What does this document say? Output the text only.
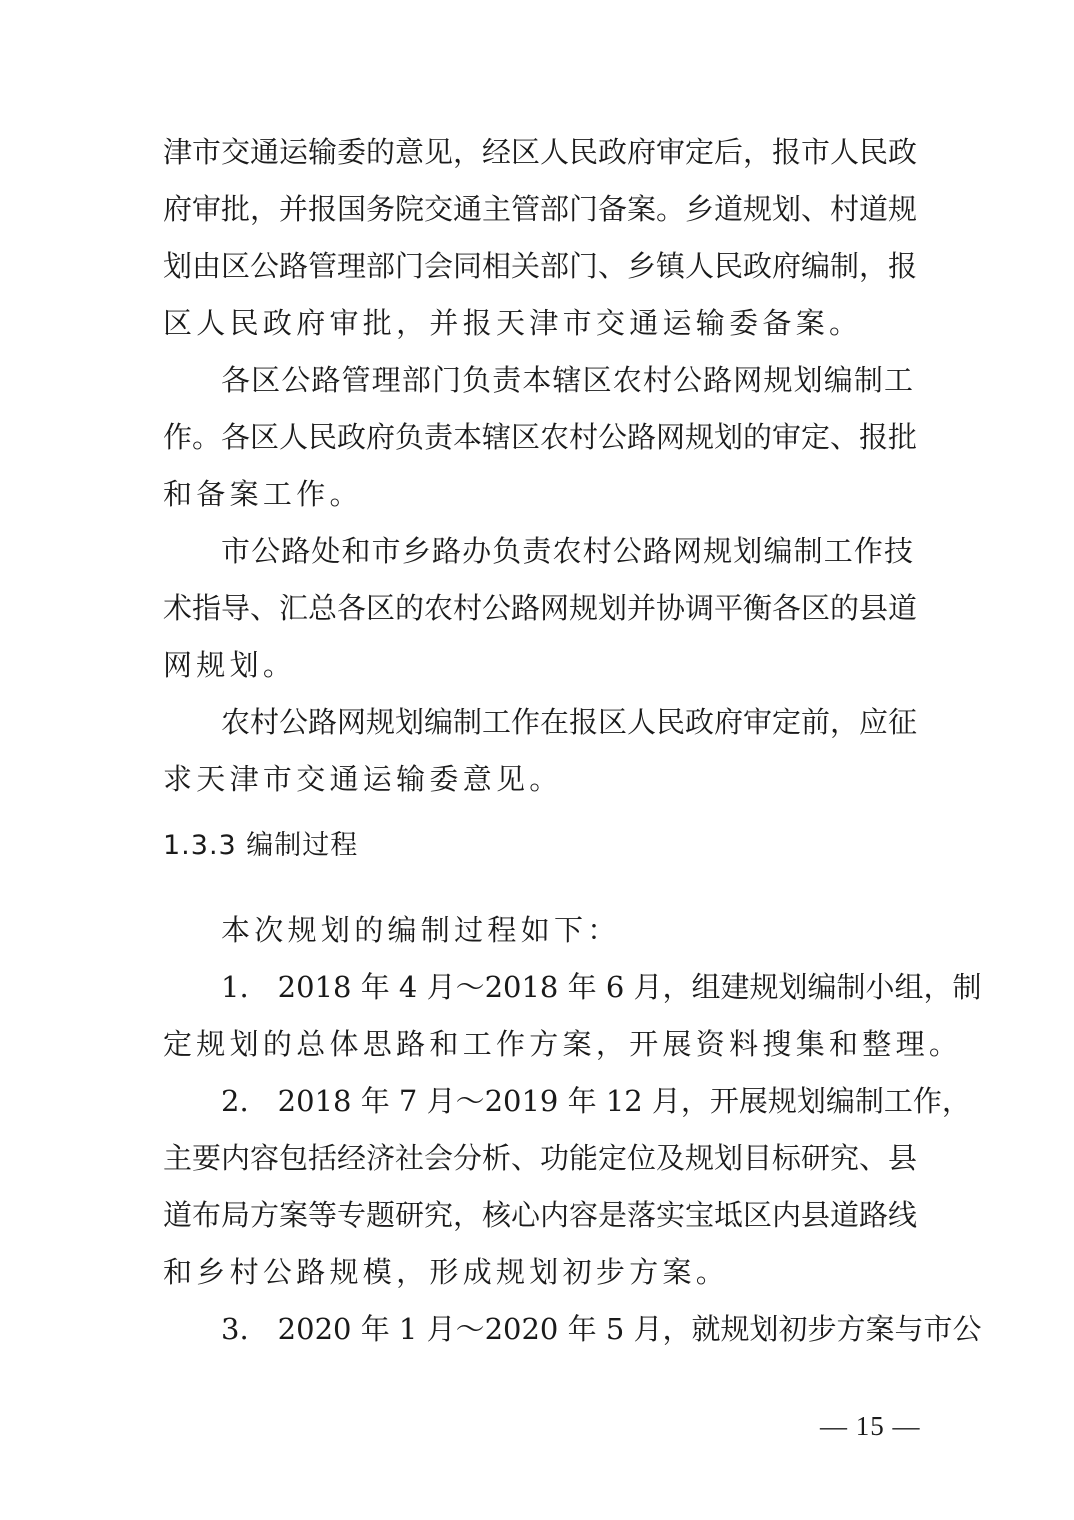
津市交通运输委的意见，经区人民政府审定后，报市人民政
府审批，并报国务院交通主管部门备案。乡道规划、村道规
划由区公路管理部门会同相关部门、乡镇人民政府编制，报
区人民政府审批，并报天津市交通运输委备案。
各区公路管理部门负责本辖区农村公路网规划编制工
作。各区人民政府负责本辖区农村公路网规划的审定、报批
和备案工作。
市公路处和市乡路办负责农村公路网规划编制工作技
术指导、汇总各区的农村公路网规划并协调平衡各区的县道
网规划。
农村公路网规划编制工作在报区人民政府审定前，应征
求天津市交通运输委意见。
1.3.3 编制过程
本次规划的编制过程如下：
1.　2018 年 4 月～2018 年 6 月，组建规划编制小组，制
定规划的总体思路和工作方案，开展资料搜集和整理。
2.　2018 年 7 月～2019 年 12 月，开展规划编制工作，
主要内容包括经济社会分析、功能定位及规划目标研究、县
道布局方案等专题研究，核心内容是落实宝坻区内县道路线
和乡村公路规模，形成规划初步方案。
3.　2020 年 1 月～2020 年 5 月，就规划初步方案与市公
— 15 —
